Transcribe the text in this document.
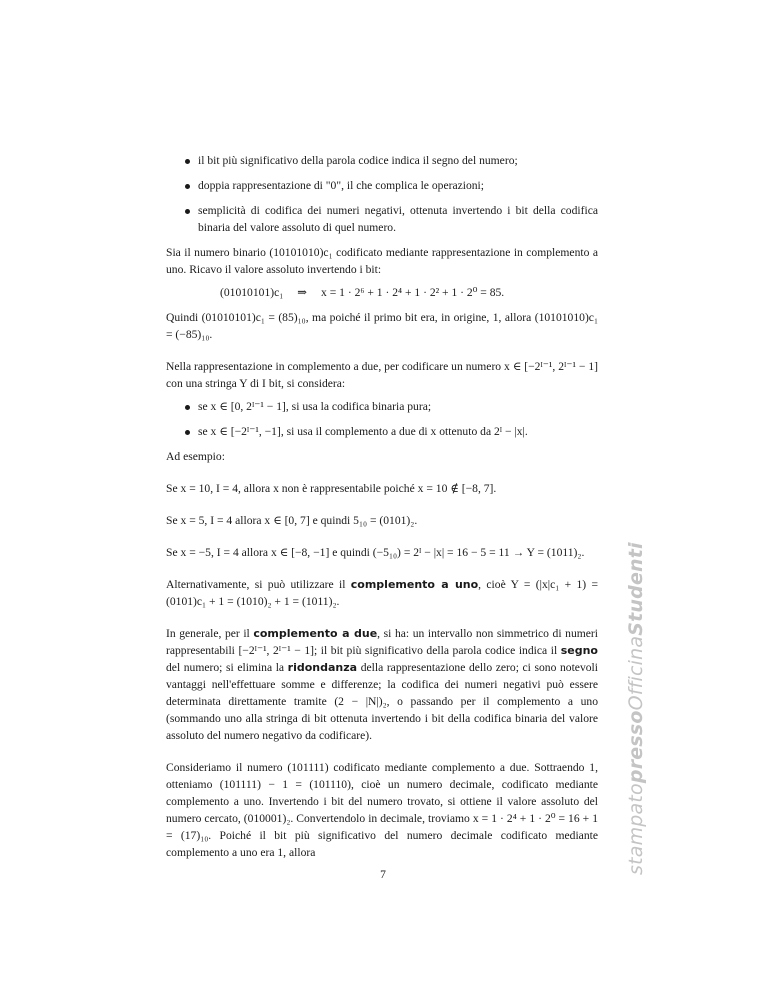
il bit più significativo della parola codice indica il segno del numero;
doppia rappresentazione di "0", il che complica le operazioni;
semplicità di codifica dei numeri negativi, ottenuta invertendo i bit della codifica binaria del valore assoluto di quel numero.

Sia il numero binario (10101010)c₁ codificato mediante rappresentazione in complemento a uno. Ricavo il valore assoluto invertendo i bit:

(01010101)c₁ ⇒ x = 1 · 2⁶ + 1 · 2⁴ + 1 · 2² + 1 · 2⁰ = 85.

Quindi (01010101)c₁ = (85)₁₀, ma poiché il primo bit era, in origine, 1, allora (10101010)c₁ = (−85)₁₀.

Nella rappresentazione in complemento a due, per codificare un numero x ∈ [−2ᴵ⁻¹, 2ᴵ⁻¹ − 1] con una stringa Y di I bit, si considera:

se x ∈ [0, 2ᴵ⁻¹ − 1], si usa la codifica binaria pura;
se x ∈ [−2ᴵ⁻¹, −1], si usa il complemento a due di x ottenuto da 2ᴵ − |x|.

Ad esempio:

Se x = 10, I = 4, allora x non è rappresentabile poiché x = 10 ∉ [−8, 7].

Se x = 5, I = 4 allora x ∈ [0, 7] e quindi 5₁₀ = (0101)₂.

Se x = −5, I = 4 allora x ∈ [−8, −1] e quindi (−5₁₀) = 2ᴵ − |x| = 16 − 5 = 11 → Y = (1011)₂.

Alternativamente, si può utilizzare il complemento a uno, cioè Y = (|x|c₁ + 1) = (0101)c₁ + 1 = (1010)₂ + 1 = (1011)₂.

In generale, per il complemento a due, si ha: un intervallo non simmetrico di numeri rappresentabili [−2ᴵ⁻¹, 2ᴵ⁻¹ − 1]; il bit più significativo della parola codice indica il segno del numero; si elimina la ridondanza della rappresentazione dello zero; ci sono notevoli vantaggi nell'effettuare somme e differenze; la codifica dei numeri negativi può essere determinata direttamente tramite (2 − |N|)₂, o passando per il complemento a uno (sommando uno alla stringa di bit ottenuta invertendo i bit della codifica binaria del valore assoluto del numero negativo da codificare).

Consideriamo il numero (101111) codificato mediante complemento a due. Sottraendo 1, otteniamo (101111) − 1 = (101110), cioè un numero decimale, codificato mediante complemento a uno. Invertendo i bit del numero trovato, si ottiene il valore assoluto del numero cercato, (010001)₂. Convertendolo in decimale, troviamo x = 1 · 2⁴ + 1 · 2⁰ = 16 + 1 = (17)₁₀. Poiché il bit più significativo del numero decimale codificato mediante complemento a uno era 1, allora

7	stampatopressoOfficinaStudenti
